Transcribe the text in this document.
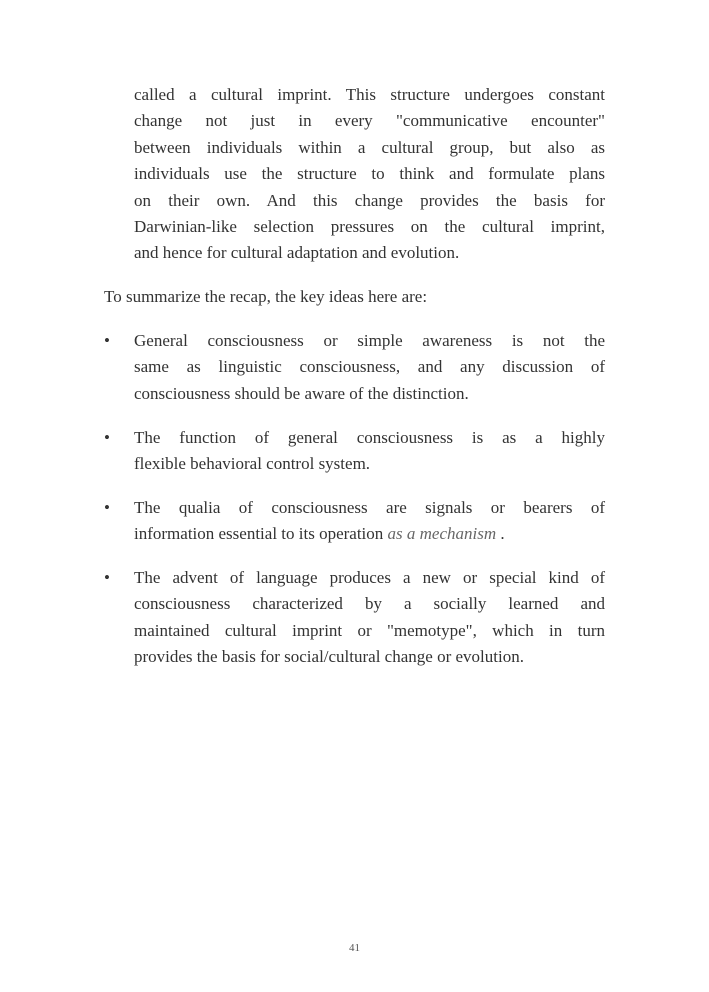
called a cultural imprint. This structure undergoes constant
change not just in every "communicative encounter"
between individuals within a cultural group, but also as
individuals use the structure to think and formulate plans
on their own. And this change provides the basis for
Darwinian-like selection pressures on the cultural imprint,
and hence for cultural adaptation and evolution.
To summarize the recap, the key ideas here are:
• General consciousness or simple awareness is not the
same as linguistic consciousness, and any discussion of
consciousness should be aware of the distinction.
• The function of general consciousness is as a highly
flexible behavioral control system.
• The qualia of consciousness are signals or bearers of
information essential to its operation as a mechanism .
• The advent of language produces a new or special kind of
consciousness characterized by a socially learned and
maintained cultural imprint or "memotype", which in turn
provides the basis for social/cultural change or evolution.
41
